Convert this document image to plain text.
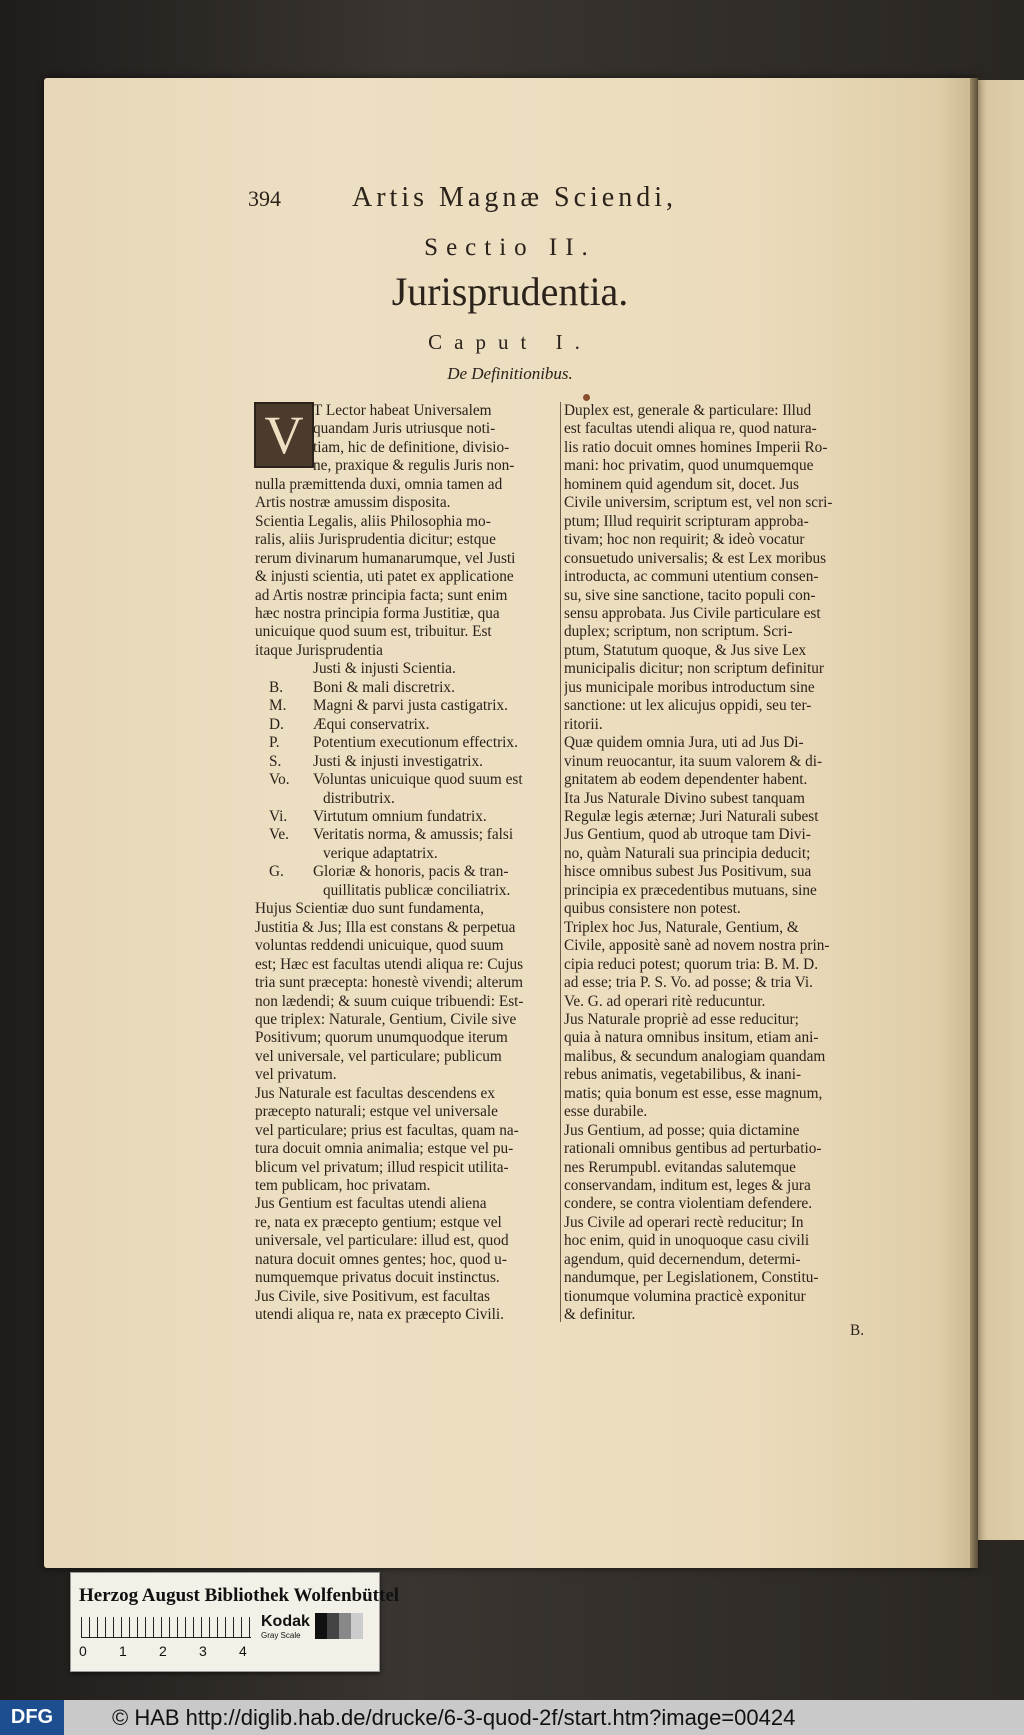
394	Artis Magnæ Sciendi,
Sectio II.
Jurisprudentia.
Caput I.
De Definitionibus.
V T Lector habeat Universalem
quandam Juris utriusque noti-
tiam, hic de definitione, divisio-
ne, praxique & regulis Juris non-
nulla præmittenda duxi, omnia tamen ad
Artis nostræ amussim disposita.
Scientia Legalis, aliis Philosophia mo-
ralis, aliis Jurisprudentia dicitur; estque
rerum divinarum humanarumque, vel Justi
& injusti scientia, uti patet ex applicatione
ad Artis nostræ principia facta; sunt enim
hæc nostra principia forma Justitiæ, qua
unicuique quod suum est, tribuitur. Est
itaque Jurisprudentia
Justi & injusti Scientia.
B. Boni & mali discretrix.
M. Magni & parvi justa castigatrix.
D. Æqui conservatrix.
P. Potentium executionum effectrix.
S. Justi & injusti investigatrix.
Vo. Voluntas unicuique quod suum est
distributrix.
Vi. Virtutum omnium fundatrix.
Ve. Veritatis norma, & amussis; falsi
verique adaptatrix.
G. Gloriæ & honoris, pacis & tran-
quillitatis publicæ conciliatrix.
Hujus Scientiæ duo sunt fundamenta,
Justitia & Jus; Illa est constans & perpetua
voluntas reddendi unicuique, quod suum
est; Hæc est facultas utendi aliqua re: Cujus
tria sunt præcepta: honestè vivendi; alterum
non lædendi; & suum cuique tribuendi: Est-
que triplex: Naturale, Gentium, Civile sive
Positivum; quorum unumquodque iterum
vel universale, vel particulare; publicum
vel privatum.
Jus Naturale est facultas descendens ex
præcepto naturali; estque vel universale
vel particulare; prius est facultas, quam na-
tura docuit omnia animalia; estque vel pu-
blicum vel privatum; illud respicit utilita-
tem publicam, hoc privatam.
Jus Gentium est facultas utendi aliena
re, nata ex præcepto gentium; estque vel
universale, vel particulare: illud est, quod
natura docuit omnes gentes; hoc, quod u-
numquemque privatus docuit instinctus.
Jus Civile, sive Positivum, est facultas
utendi aliqua re, nata ex præcepto Civili.
Duplex est, generale & particulare: Illud
est facultas utendi aliqua re, quod natura-
lis ratio docuit omnes homines Imperii Ro-
mani: hoc privatim, quod unumquemque
hominem quid agendum sit, docet. Jus
Civile universim, scriptum est, vel non scri-
ptum; Illud requirit scripturam approba-
tivam; hoc non requirit; & ideò vocatur
consuetudo universalis; & est Lex moribus
introducta, ac communi utentium consen-
su, sive sine sanctione, tacito populi con-
sensu approbata. Jus Civile particulare est
duplex; scriptum, non scriptum. Scri-
ptum, Statutum quoque, & Jus sive Lex
municipalis dicitur; non scriptum definitur
jus municipale moribus introductum sine
sanctione: ut lex alicujus oppidi, seu ter-
ritorii.
Quæ quidem omnia Jura, uti ad Jus Di-
vinum reuocantur, ita suum valorem & di-
gnitatem ab eodem dependenter habent.
Ita Jus Naturale Divino subest tanquam
Regulæ legis æternæ; Juri Naturali subest
Jus Gentium, quod ab utroque tam Divi-
no, quàm Naturali sua principia deducit;
hisce omnibus subest Jus Positivum, sua
principia ex præcedentibus mutuans, sine
quibus consistere non potest.
Triplex hoc Jus, Naturale, Gentium, &
Civile, appositè sanè ad novem nostra prin-
cipia reduci potest; quorum tria: B. M. D.
ad esse; tria P. S. Vo. ad posse; & tria Vi.
Ve. G. ad operari ritè reducuntur.
Jus Naturale propriè ad esse reducitur;
quia à natura omnibus insitum, etiam ani-
malibus, & secundum analogiam quandam
rebus animatis, vegetabilibus, & inani-
matis; quia bonum est esse, esse magnum,
esse durabile.
Jus Gentium, ad posse; quia dictamine
rationali omnibus gentibus ad perturbatio-
nes Rerumpubl. evitandas salutemque
conservandam, inditum est, leges & jura
condere, se contra violentiam defendere.
Jus Civile ad operari rectè reducitur; In
hoc enim, quid in unoquoque casu civili
agendum, quid decernendum, determi-
nandumque, per Legislationem, Constitu-
tionumque volumina practicè exponitur
& definitur.
B.
Herzog August Bibliothek Wolfenbüttel
0 1 2 3 4
Kodak
Gray Scale
DFG	© HAB http://diglib.hab.de/drucke/6-3-quod-2f/start.htm?image=00424
